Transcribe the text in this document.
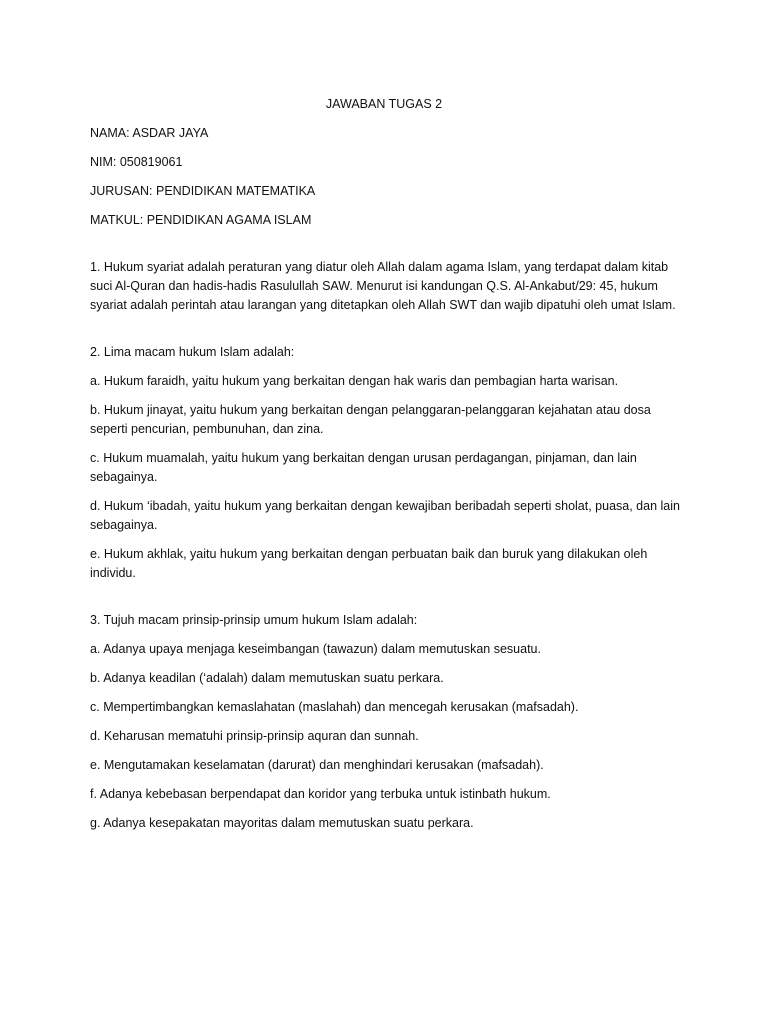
JAWABAN TUGAS 2

NAMA: ASDAR JAYA

NIM: 050819061

JURUSAN: PENDIDIKAN MATEMATIKA

MATKUL: PENDIDIKAN AGAMA ISLAM

1. Hukum syariat adalah peraturan yang diatur oleh Allah dalam agama Islam, yang terdapat dalam kitab suci Al-Quran dan hadis-hadis Rasulullah SAW. Menurut isi kandungan Q.S. Al-Ankabut/29: 45, hukum syariat adalah perintah atau larangan yang ditetapkan oleh Allah SWT dan wajib dipatuhi oleh umat Islam.

2. Lima macam hukum Islam adalah:

a. Hukum faraidh, yaitu hukum yang berkaitan dengan hak waris dan pembagian harta warisan.

b. Hukum jinayat, yaitu hukum yang berkaitan dengan pelanggaran-pelanggaran kejahatan atau dosa seperti pencurian, pembunuhan, dan zina.

c. Hukum muamalah, yaitu hukum yang berkaitan dengan urusan perdagangan, pinjaman, dan lain sebagainya.

d. Hukum ‘ibadah, yaitu hukum yang berkaitan dengan kewajiban beribadah seperti sholat, puasa, dan lain sebagainya.

e. Hukum akhlak, yaitu hukum yang berkaitan dengan perbuatan baik dan buruk yang dilakukan oleh individu.

3. Tujuh macam prinsip-prinsip umum hukum Islam adalah:

a. Adanya upaya menjaga keseimbangan (tawazun) dalam memutuskan sesuatu.

b. Adanya keadilan (‘adalah) dalam memutuskan suatu perkara.

c. Mempertimbangkan kemaslahatan (maslahah) dan mencegah kerusakan (mafsadah).

d. Keharusan mematuhi prinsip-prinsip aquran dan sunnah.

e. Mengutamakan keselamatan (darurat) dan menghindari kerusakan (mafsadah).

f. Adanya kebebasan berpendapat dan koridor yang terbuka untuk istinbath hukum.

g. Adanya kesepakatan mayoritas dalam memutuskan suatu perkara.
